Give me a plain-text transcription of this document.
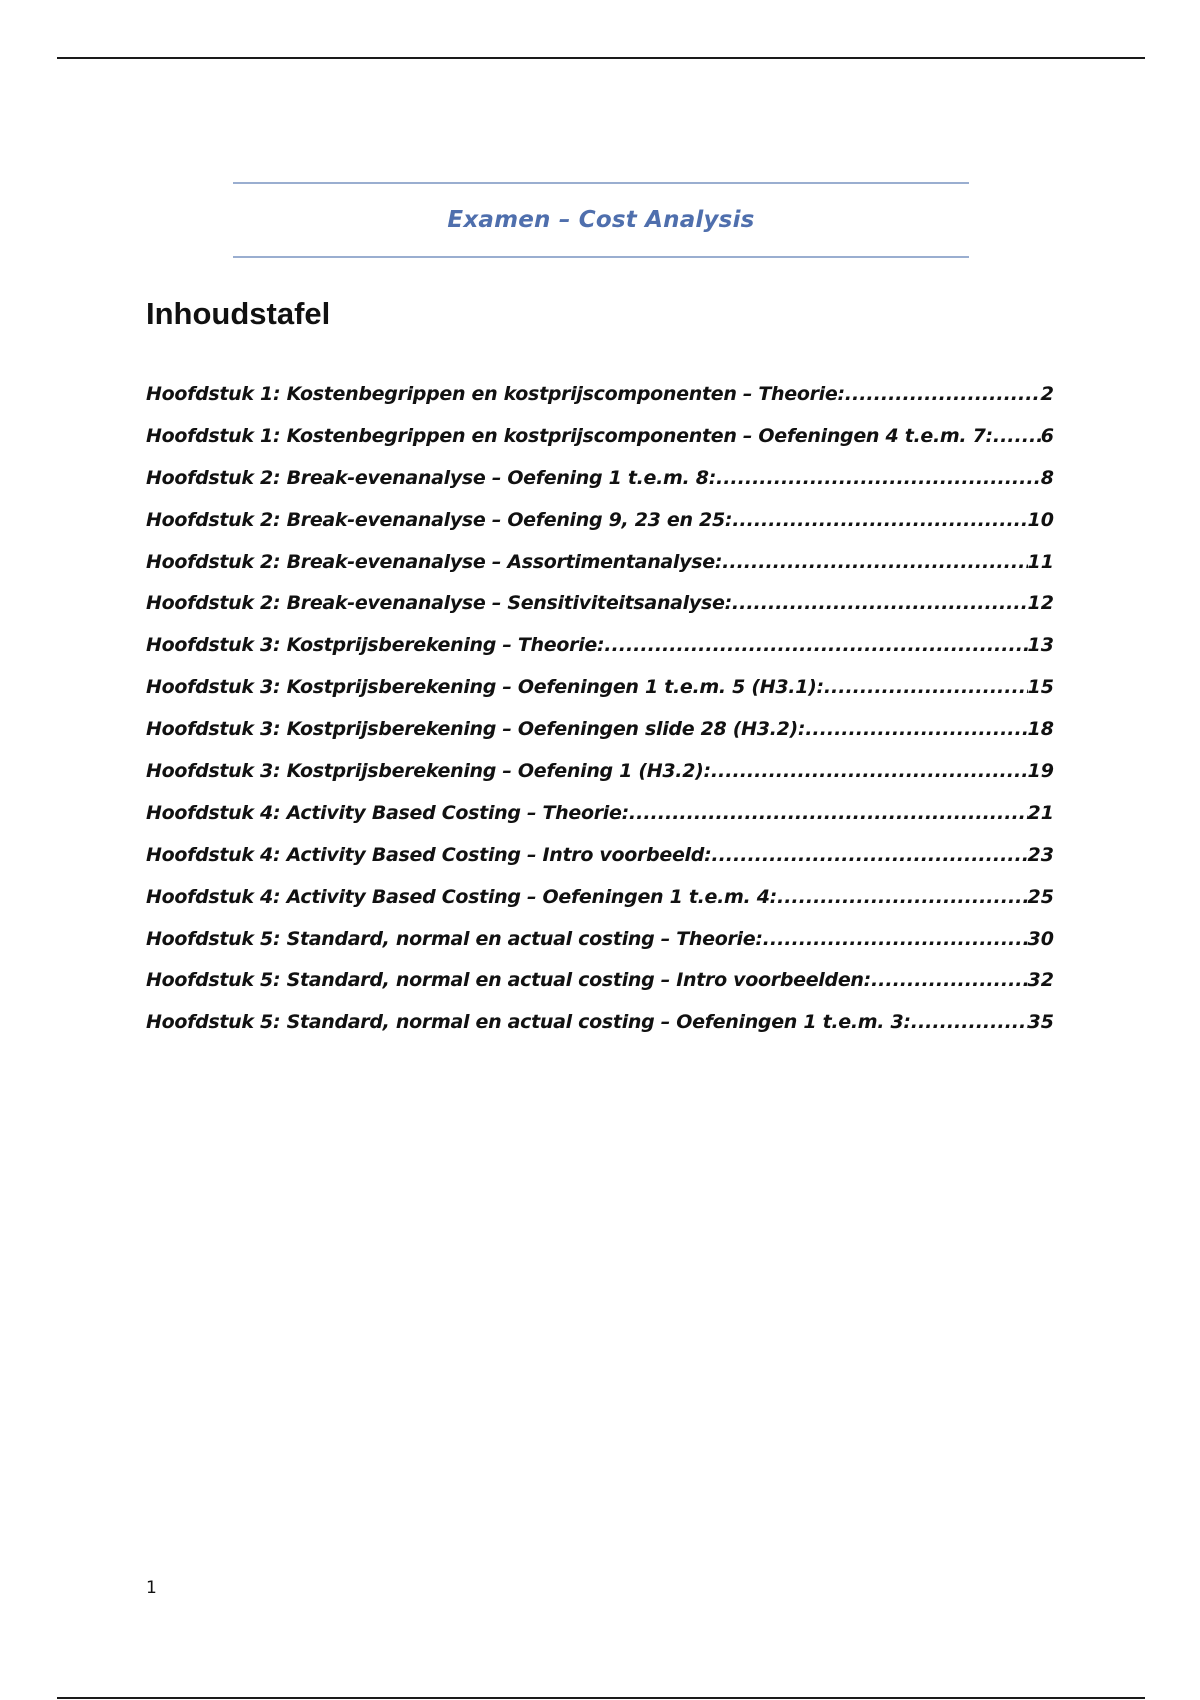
Examen – Cost Analysis
Inhoudstafel
Hoofdstuk 1: Kostenbegrippen en kostprijscomponenten – Theorie: .....	2
Hoofdstuk 1: Kostenbegrippen en kostprijscomponenten – Oefeningen 4 t.e.m. 7: .....	6
Hoofdstuk 2: Break-evenanalyse – Oefening 1 t.e.m. 8: .....	8
Hoofdstuk 2: Break-evenanalyse – Oefening 9, 23 en 25: .....	10
Hoofdstuk 2: Break-evenanalyse – Assortimentanalyse: .....	11
Hoofdstuk 2: Break-evenanalyse – Sensitiviteitsanalyse: .....	12
Hoofdstuk 3: Kostprijsberekening – Theorie: .....	13
Hoofdstuk 3: Kostprijsberekening – Oefeningen 1 t.e.m. 5 (H3.1): .....	15
Hoofdstuk 3: Kostprijsberekening – Oefeningen slide 28 (H3.2): .....	18
Hoofdstuk 3: Kostprijsberekening – Oefening 1 (H3.2): .....	19
Hoofdstuk 4: Activity Based Costing – Theorie: .....	21
Hoofdstuk 4: Activity Based Costing – Intro voorbeeld: .....	23
Hoofdstuk 4: Activity Based Costing – Oefeningen 1 t.e.m. 4: .....	25
Hoofdstuk 5: Standard, normal en actual costing – Theorie: .....	30
Hoofdstuk 5: Standard, normal en actual costing – Intro voorbeelden: .....	32
Hoofdstuk 5: Standard, normal en actual costing – Oefeningen 1 t.e.m. 3: .....	35
1
